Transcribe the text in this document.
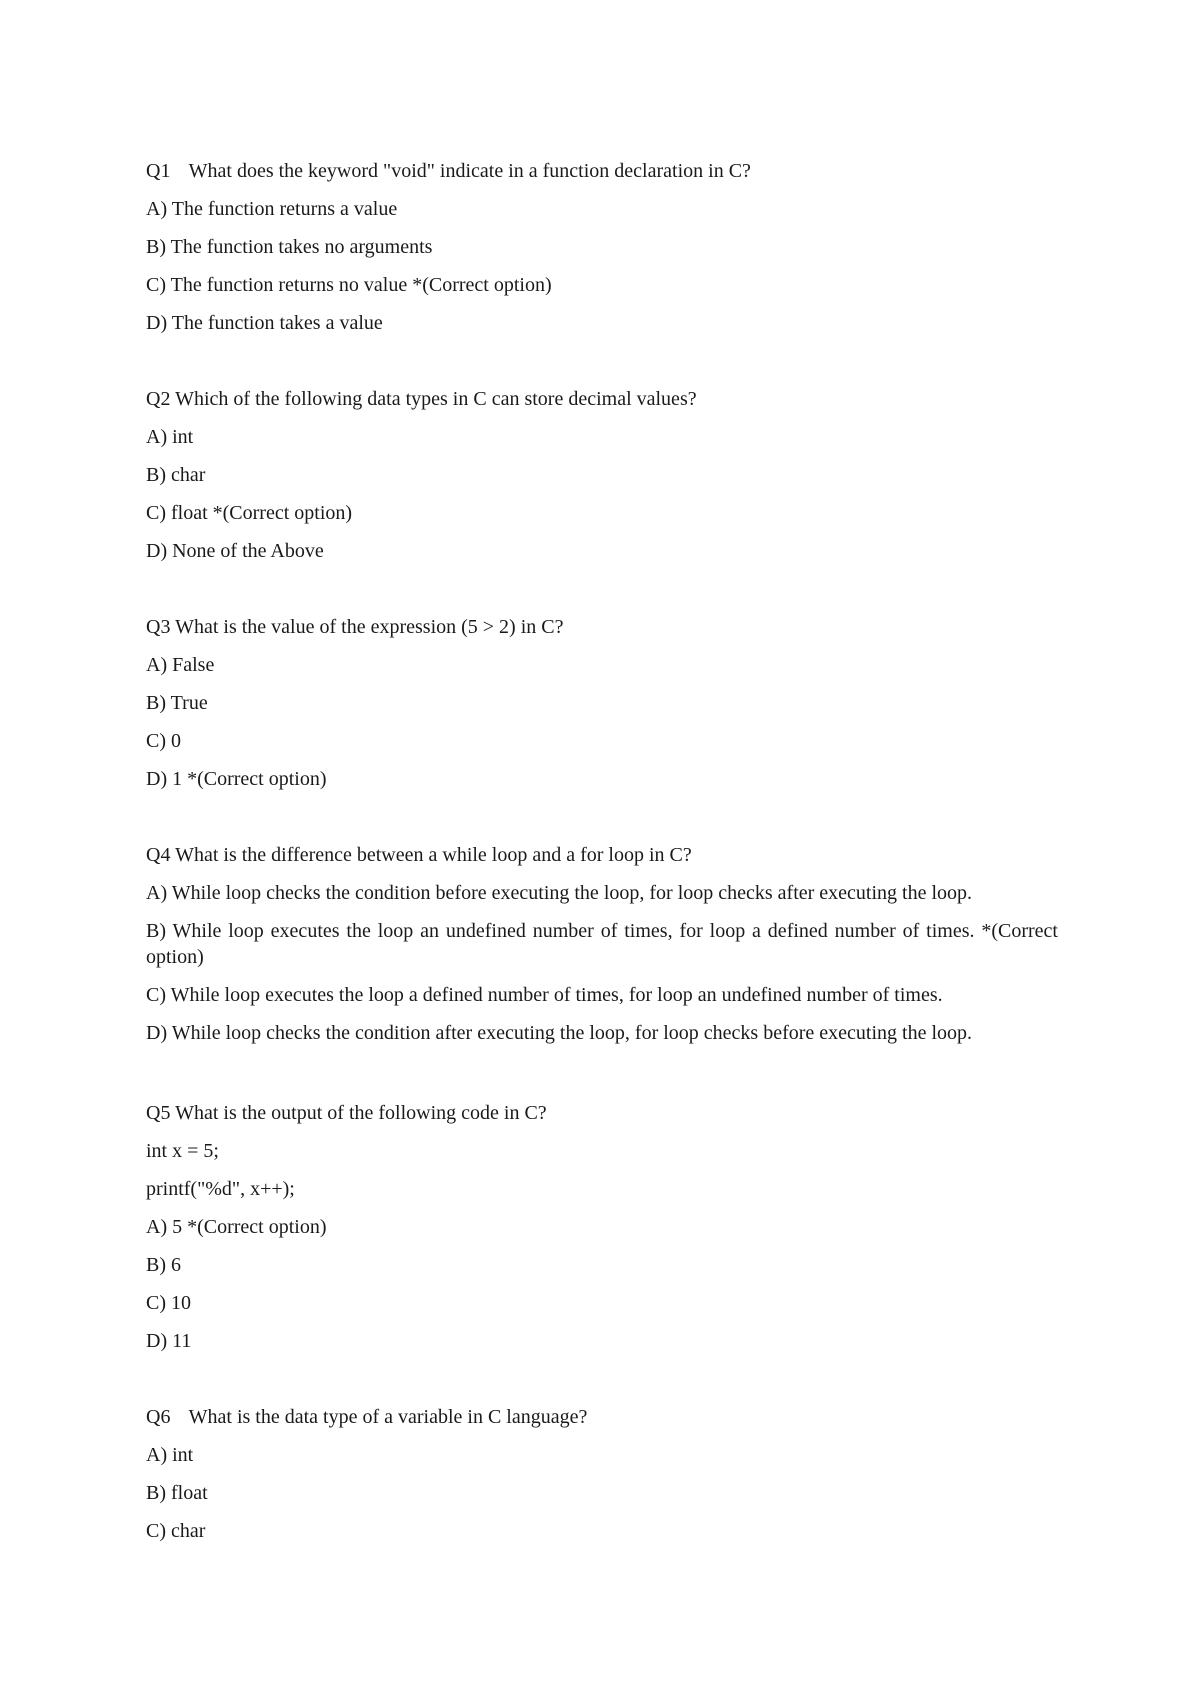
Q1 What does the keyword "void" indicate in a function declaration in C?
A) The function returns a value
B) The function takes no arguments
C) The function returns no value *(Correct option)
D) The function takes a value
Q2 Which of the following data types in C can store decimal values?
A) int
B) char
C) float *(Correct option)
D) None of the Above
Q3 What is the value of the expression (5 > 2) in C?
A) False
B) True
C) 0
D) 1 *(Correct option)
Q4 What is the difference between a while loop and a for loop in C?
A) While loop checks the condition before executing the loop, for loop checks after executing the loop.
B) While loop executes the loop an undefined number of times, for loop a defined number of times. *(Correct option)
C) While loop executes the loop a defined number of times, for loop an undefined number of times.
D) While loop checks the condition after executing the loop, for loop checks before executing the loop.
Q5 What is the output of the following code in C?
int x = 5;
printf("%d", x++);
A) 5 *(Correct option)
B) 6
C) 10
D) 11
Q6 What is the data type of a variable in C language?
A) int
B) float
C) char
